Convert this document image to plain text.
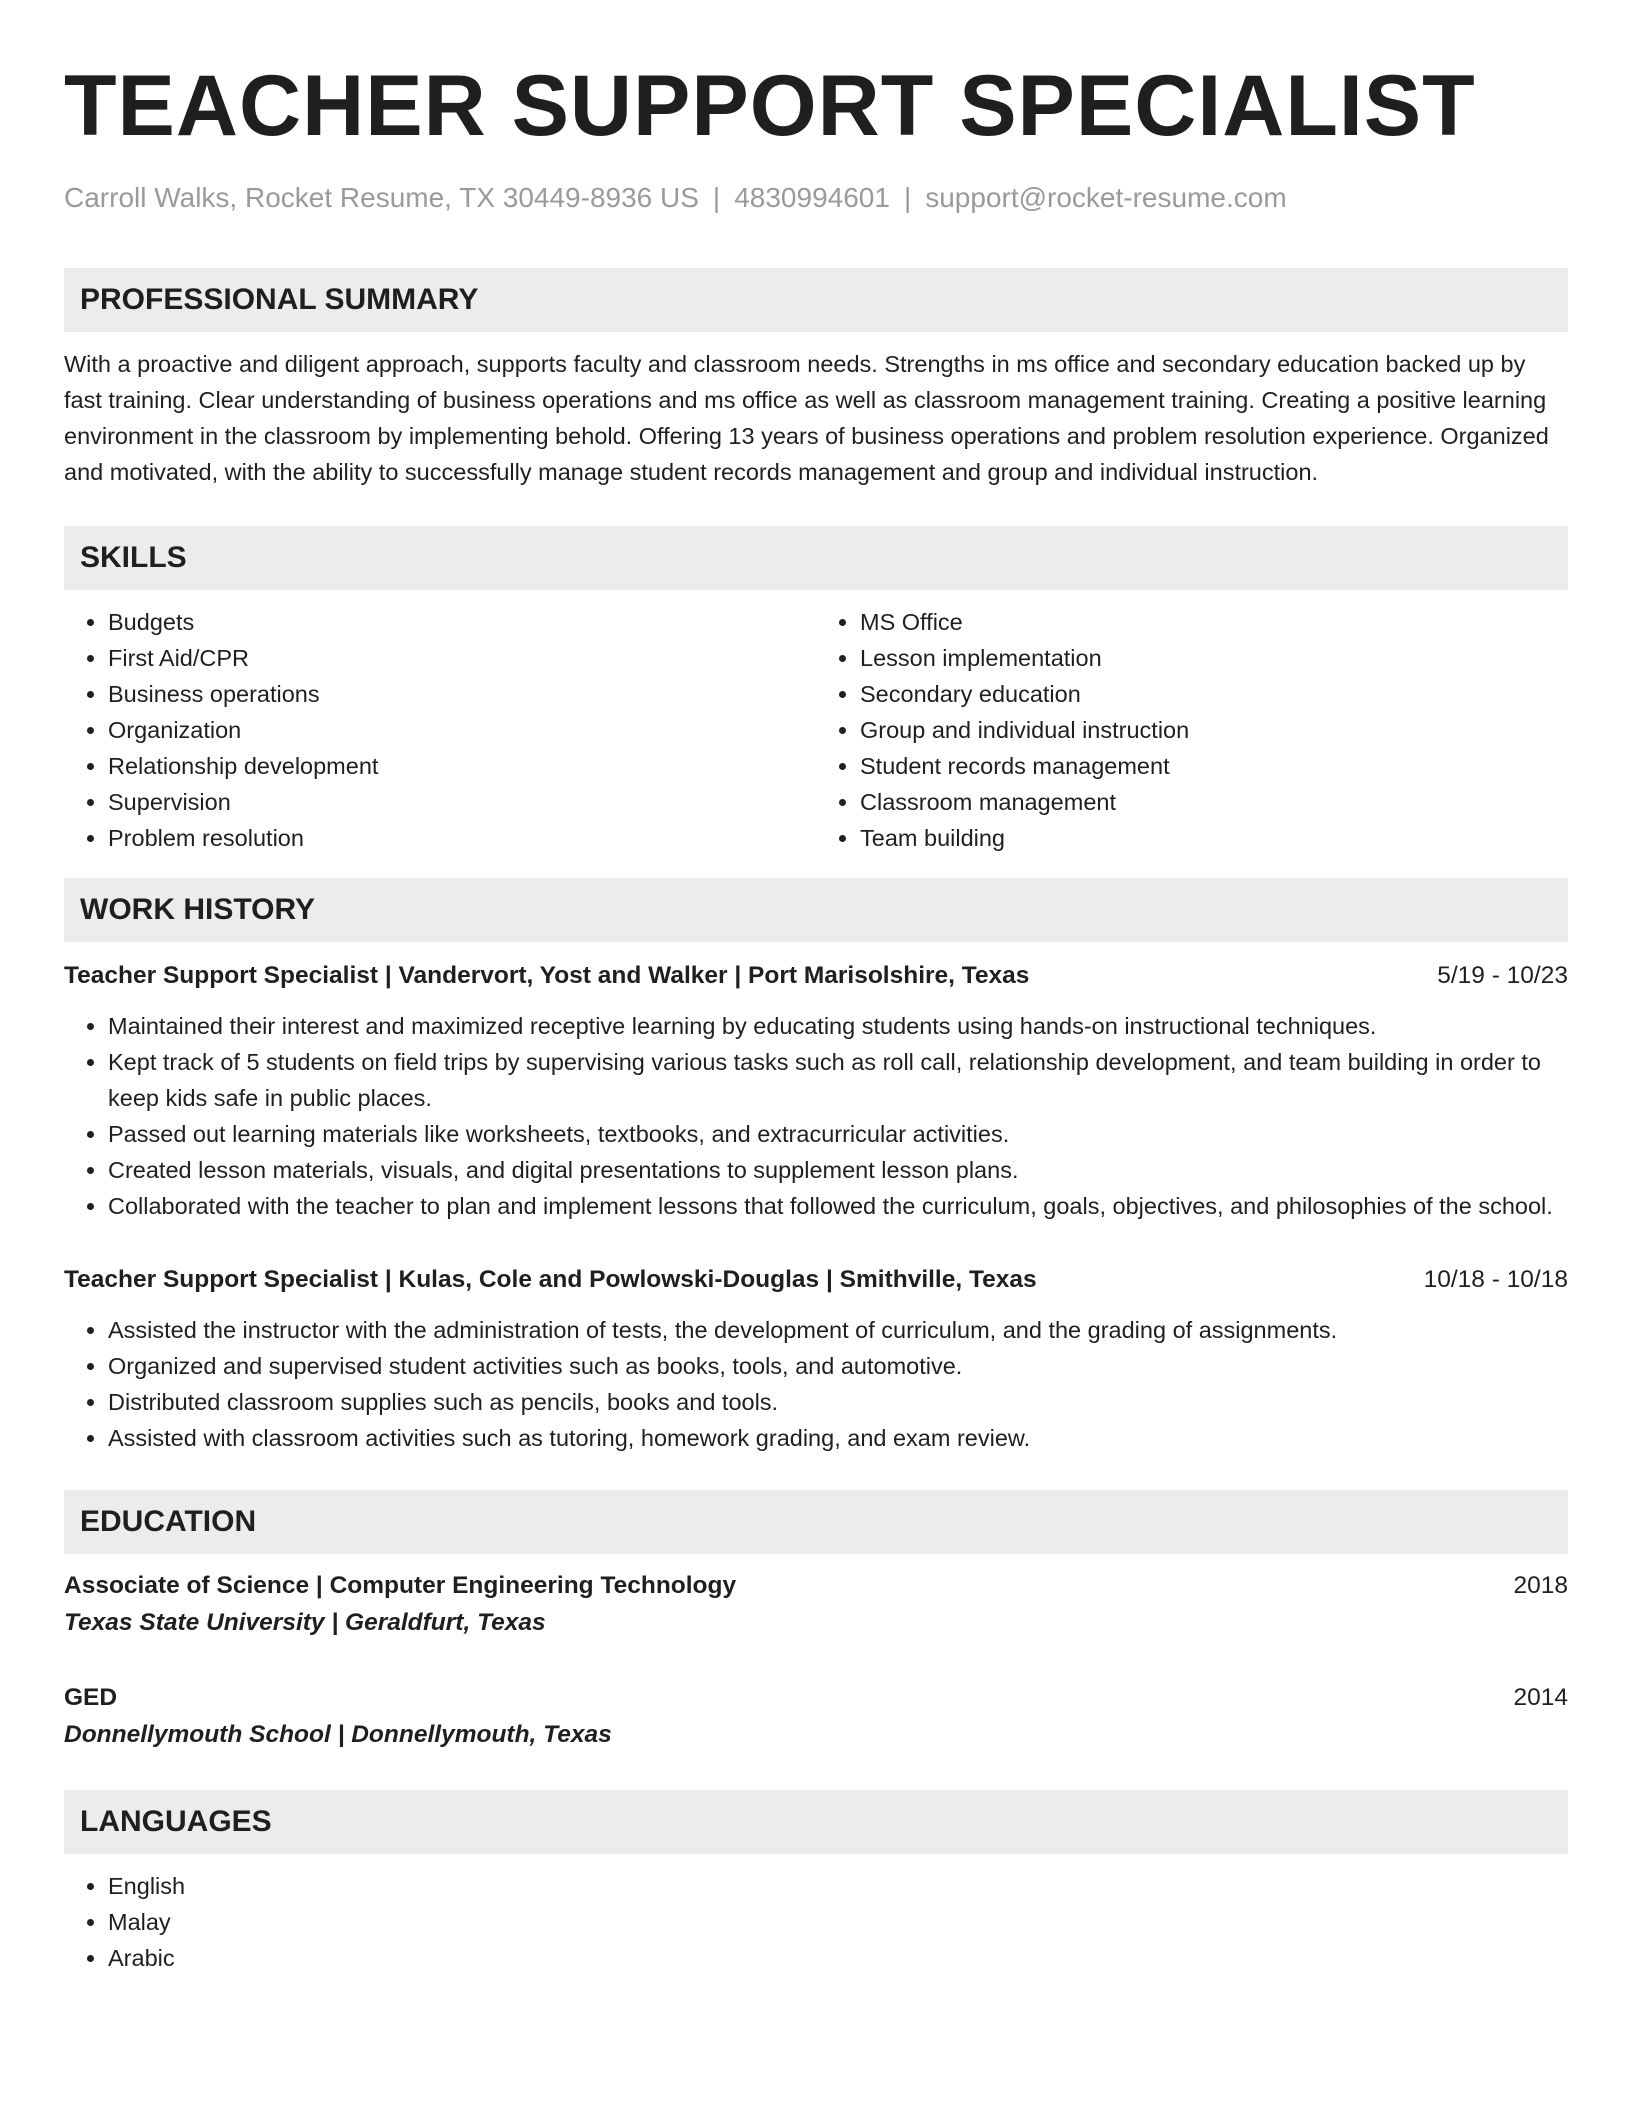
TEACHER SUPPORT SPECIALIST
Carroll Walks, Rocket Resume, TX 30449-8936 US | 4830994601 | support@rocket-resume.com
PROFESSIONAL SUMMARY
With a proactive and diligent approach, supports faculty and classroom needs. Strengths in ms office and secondary education backed up by fast training. Clear understanding of business operations and ms office as well as classroom management training. Creating a positive learning environment in the classroom by implementing behold. Offering 13 years of business operations and problem resolution experience. Organized and motivated, with the ability to successfully manage student records management and group and individual instruction.
SKILLS
• Budgets
• First Aid/CPR
• Business operations
• Organization
• Relationship development
• Supervision
• Problem resolution
• MS Office
• Lesson implementation
• Secondary education
• Group and individual instruction
• Student records management
• Classroom management
• Team building
WORK HISTORY
Teacher Support Specialist | Vandervort, Yost and Walker | Port Marisolshire, Texas	5/19 - 10/23
• Maintained their interest and maximized receptive learning by educating students using hands-on instructional techniques.
• Kept track of 5 students on field trips by supervising various tasks such as roll call, relationship development, and team building in order to keep kids safe in public places.
• Passed out learning materials like worksheets, textbooks, and extracurricular activities.
• Created lesson materials, visuals, and digital presentations to supplement lesson plans.
• Collaborated with the teacher to plan and implement lessons that followed the curriculum, goals, objectives, and philosophies of the school.
Teacher Support Specialist | Kulas, Cole and Powlowski-Douglas | Smithville, Texas	10/18 - 10/18
• Assisted the instructor with the administration of tests, the development of curriculum, and the grading of assignments.
• Organized and supervised student activities such as books, tools, and automotive.
• Distributed classroom supplies such as pencils, books and tools.
• Assisted with classroom activities such as tutoring, homework grading, and exam review.
EDUCATION
Associate of Science | Computer Engineering Technology	2018
Texas State University | Geraldfurt, Texas
GED	2014
Donnellymouth School | Donnellymouth, Texas
LANGUAGES
• English
• Malay
• Arabic
